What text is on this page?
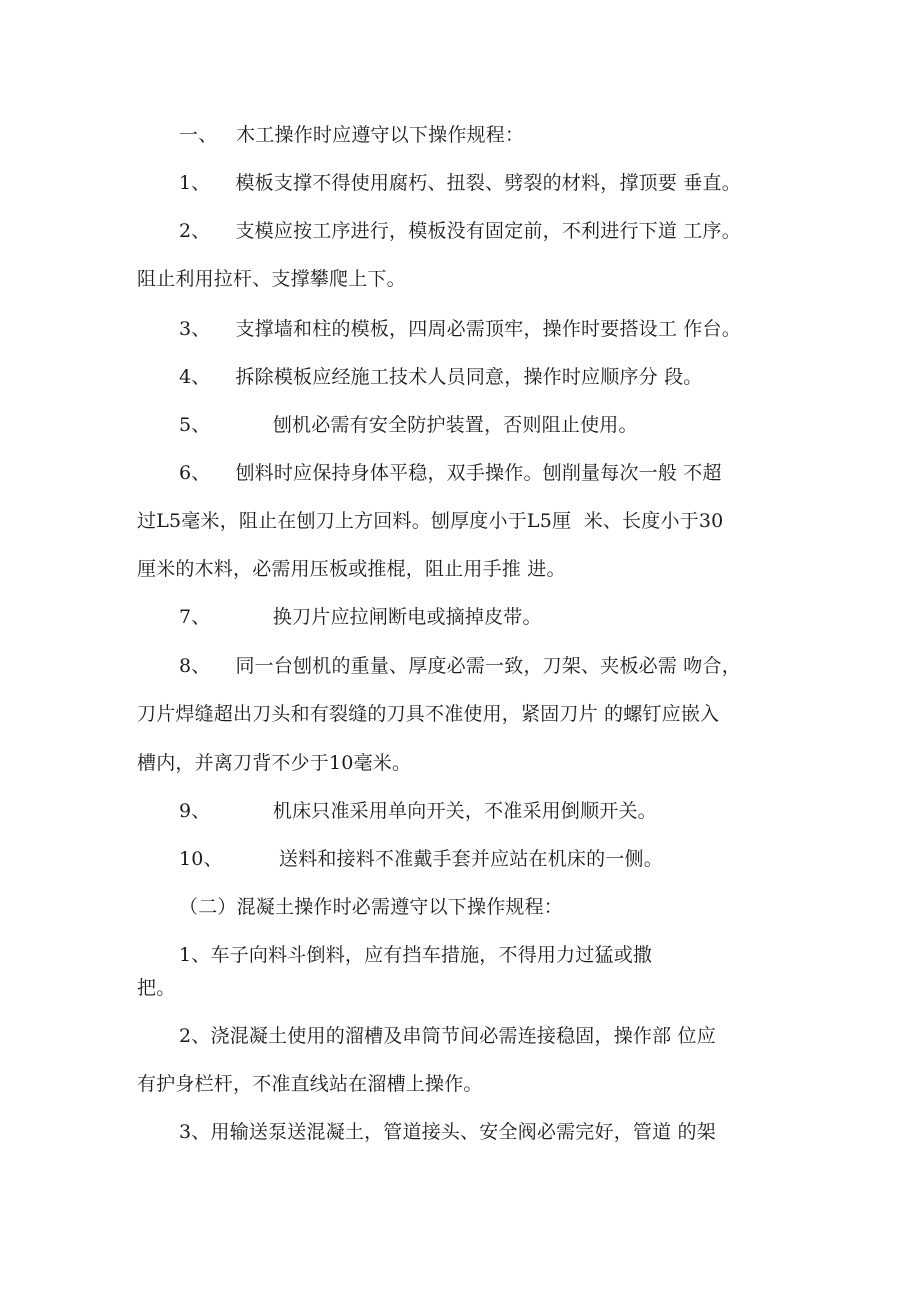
一、   木工操作时应遵守以下操作规程：
1、    模板支撑不得使用腐朽、扭裂、劈裂的材料，撑顶要 垂直。
2、    支模应按工序进行，模板没有固定前，不利进行下道 工序。
阻止利用拉杆、支撑攀爬上下。
3、    支撑墙和柱的模板，四周必需顶牢，操作时要搭设工 作台。
4、    拆除模板应经施工技术人员同意，操作时应顺序分 段。
5、          刨机必需有安全防护装置，否则阻止使用。
6、    刨料时应保持身体平稳，双手操作。刨削量每次一般 不超
过L5毫米，阻止在刨刀上方回料。刨厚度小于L5厘  米、长度小于30
厘米的木料，必需用压板或推棍，阻止用手推 进。
7、          换刀片应拉闸断电或摘掉皮带。
8、    同一台刨机的重量、厚度必需一致，刀架、夹板必需 吻合，
刀片焊缝超出刀头和有裂缝的刀具不准使用，紧固刀片 的螺钉应嵌入
槽内，并离刀背不少于10毫米。
9、          机床只准采用单向开关，不准采用倒顺开关。
10、         送料和接料不准戴手套并应站在机床的一侧。
（二）混凝土操作时必需遵守以下操作规程：
1、车子向料斗倒料，应有挡车措施，不得用力过猛或撒
把。
2、浇混凝土使用的溜槽及串筒节间必需连接稳固，操作部 位应
有护身栏杆，不准直线站在溜槽上操作。
3、用输送泵送混凝土，管道接头、安全阀必需完好，管道 的架
